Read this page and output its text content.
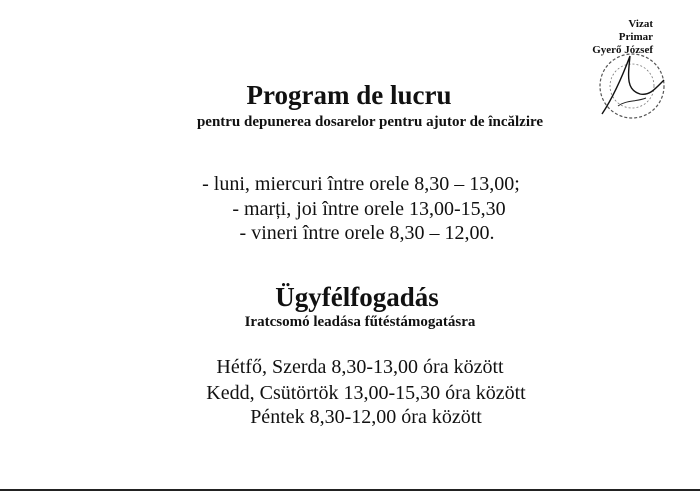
Vizat
Primar
Gyerő József
Program de lucru
pentru depunerea dosarelor pentru ajutor de încălzire
- luni, miercuri între orele 8,30 – 13,00;
- marți, joi între orele 13,00-15,30
- vineri între orele 8,30 – 12,00.
Ügyfélfogadás
Iratcsomó leadása fűtéstámogatásra
Hétfő, Szerda 8,30-13,00 óra között
Kedd, Csütörtök 13,00-15,30 óra között
Péntek 8,30-12,00 óra között
